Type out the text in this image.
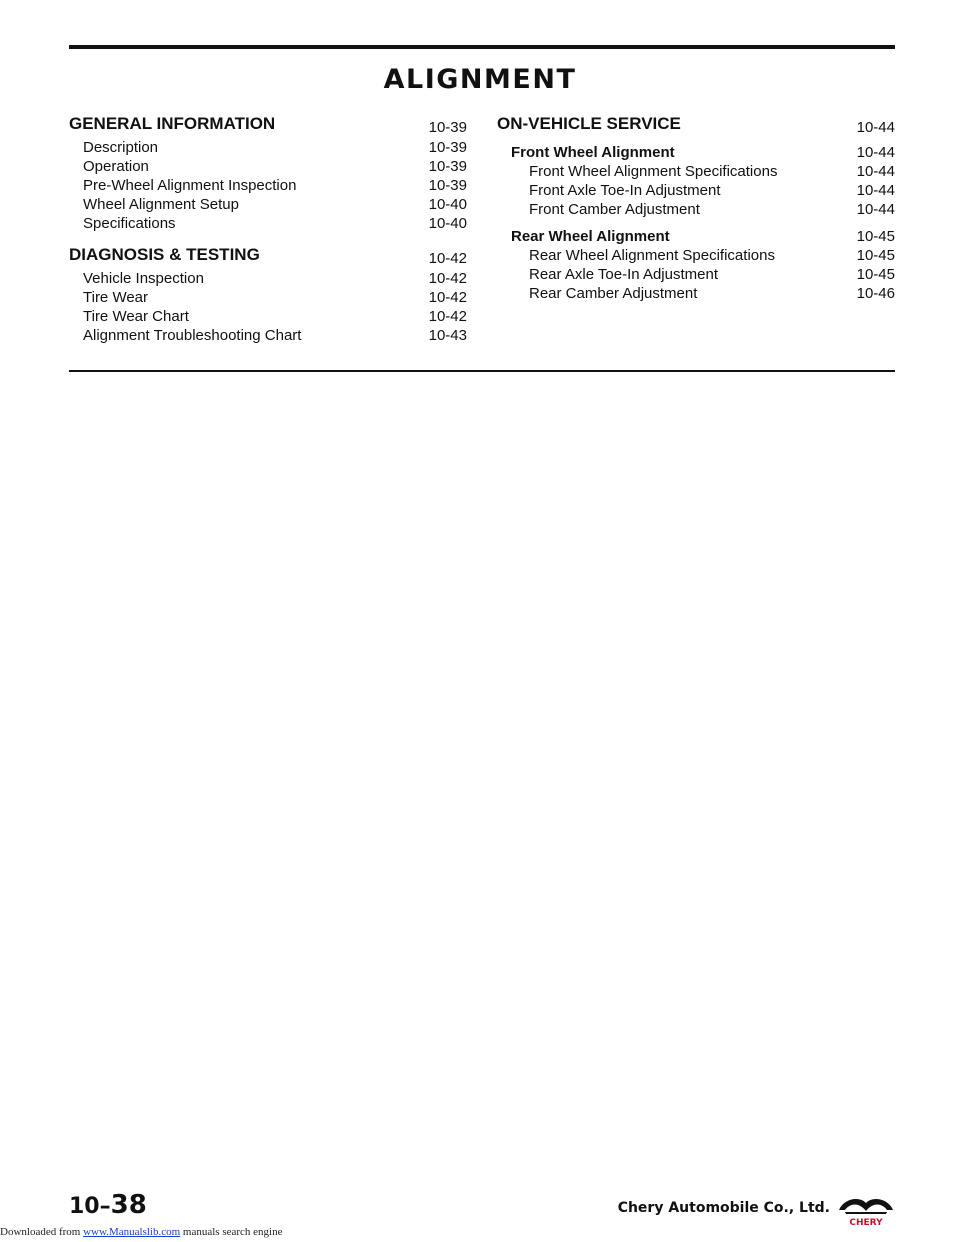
ALIGNMENT
GENERAL INFORMATION	10-39
Description	10-39
Operation	10-39
Pre-Wheel Alignment Inspection	10-39
Wheel Alignment Setup	10-40
Specifications	10-40
DIAGNOSIS & TESTING	10-42
Vehicle Inspection	10-42
Tire Wear	10-42
Tire Wear Chart	10-42
Alignment Troubleshooting Chart	10-43
ON-VEHICLE SERVICE	10-44
Front Wheel Alignment	10-44
Front Wheel Alignment Specifications	10-44
Front Axle Toe-In Adjustment	10-44
Front Camber Adjustment	10-44
Rear Wheel Alignment	10-45
Rear Wheel Alignment Specifications	10-45
Rear Axle Toe-In Adjustment	10-45
Rear Camber Adjustment	10-46
10–38	Chery Automobile Co., Ltd.
CHERY
Downloaded from www.Manualslib.com manuals search engine
